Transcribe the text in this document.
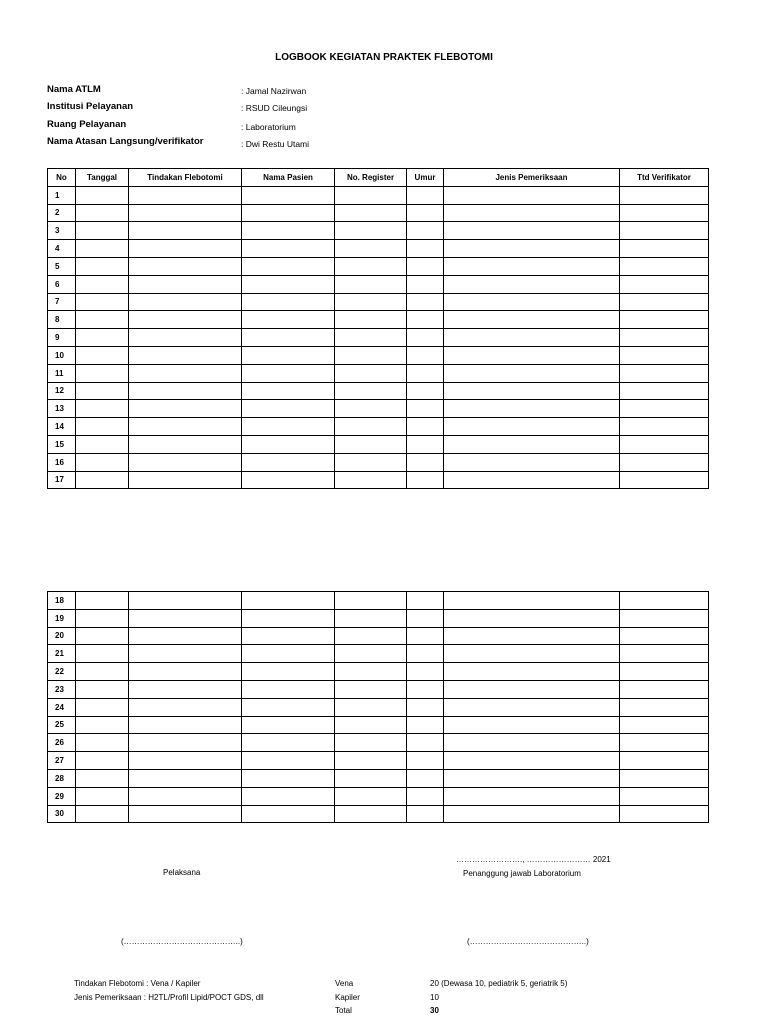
LOGBOOK KEGIATAN PRAKTEK FLEBOTOMI
Nama ATLM	: Jamal Nazirwan
Institusi Pelayanan	: RSUD Cileungsi
Ruang Pelayanan	: Laboratorium
Nama Atasan Langsung/verifikator	: Dwi Restu Utami
No	Tanggal	Tindakan Flebotomi	Nama Pasien	No. Register	Umur	Jenis Pemeriksaan	Ttd Verifikator
1							
2							
3							
4							
5							
6							
7							
8							
9							
10							
11							
12							
13							
14							
15							
16							
17							
18							
19							
20							
21							
22							
23							
24							
25							
26							
27							
28							
29							
30							
……………………., …………………… 2021
Pelaksana	Penanggung jawab Laboratorium
(……………………………………..)	(……………………………………..)
Tindakan Flebotomi : Vena / Kapiler
Jenis Pemeriksaan : H2TL/Profil Lipid/POCT GDS, dll
Vena	20 (Dewasa 10, pediatrik 5, geriatrik 5)
Kapiler	10
Total	30
